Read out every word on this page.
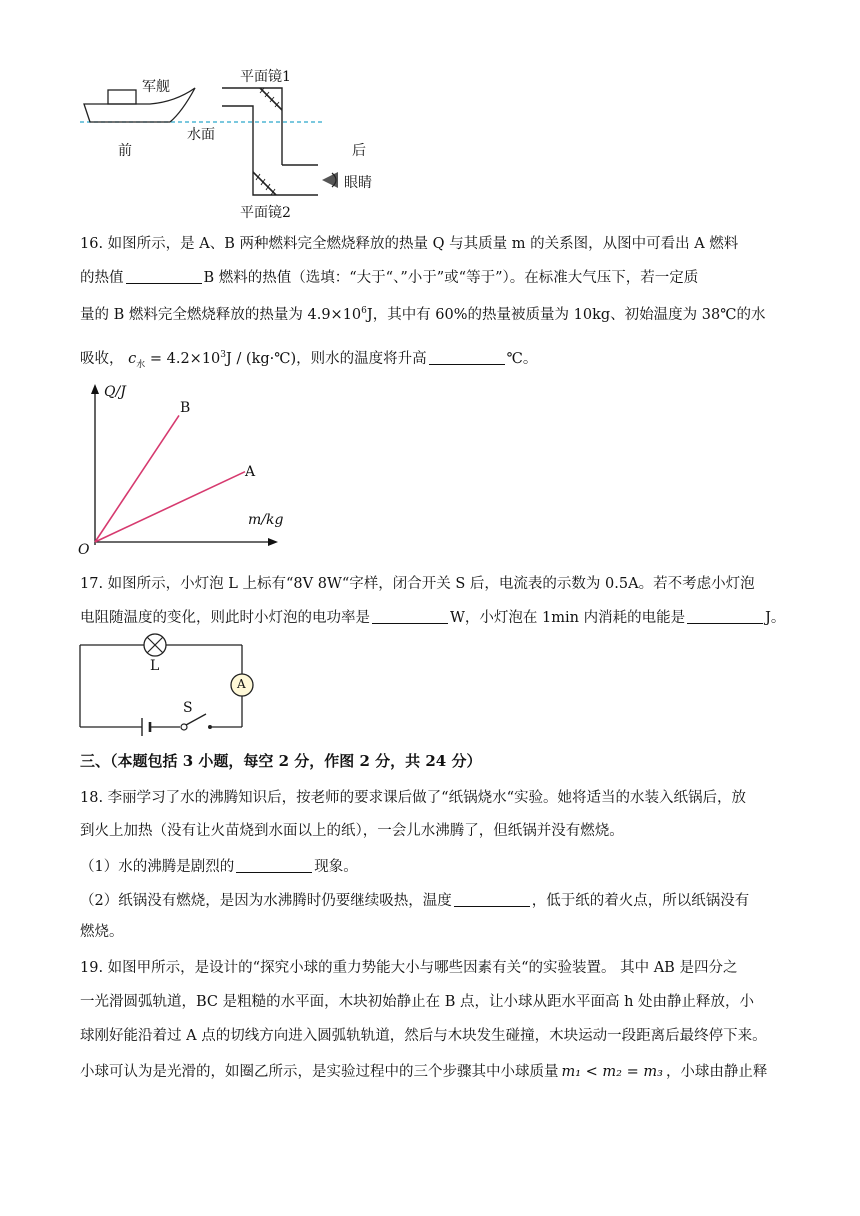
军舰
平面镜1
水面
前	后
眼睛
平面镜2
16. 如图所示，是 A、B 两种燃料完全燃烧释放的热量 Q 与其质量 m 的关系图，从图中可看出 A 燃料
的热值	B 燃料的热值（选填：“大于“、”小于”或“等于”）。在标准大气压下，若一定质
量的 B 燃料完全燃烧释放的热量为 $4.9\times 10^6J$，其中有 60%的热量被质量为 10kg、初始温度为 38℃的水
吸收， $c_水 = 4.2\times 10^3J$ / (kg·℃)，则水的温度将升高	℃。
Q/J
B
A
m/kg
O
17. 如图所示，小灯泡 L 上标有“8V 8W“字样，闭合开关 S 后，电流表的示数为 0.5A。若不考虑小灯泡
电阻随温度的变化，则此时小灯泡的电功率是	W，小灯泡在 1min 内消耗的电能是	J。
L
S
A
三、（本题包括 3 小题，每空 2 分，作图 2 分，共 24 分）
18. 李丽学习了水的沸腾知识后，按老师的要求课后做了“纸锅烧水“实验。她将适当的水装入纸锅后，放
到火上加热（没有让火苗烧到水面以上的纸），一会儿水沸腾了，但纸锅并没有燃烧。
（1）水的沸腾是剧烈的	现象。
（2）纸锅没有燃烧，是因为水沸腾时仍要继续吸热，温度	，低于纸的着火点，所以纸锅没有
燃烧。
19. 如图甲所示，是设计的“探究小球的重力势能大小与哪些因素有关“的实验装置。 其中 AB 是四分之
一光滑圆弧轨道，BC 是粗糙的水平面，木块初始静止在 B 点，让小球从距水平面高 h 处由静止释放，小
球刚好能沿着过 A 点的切线方向进入圆弧轨轨道，然后与木块发生碰撞，木块运动一段距离后最终停下来。
小球可认为是光滑的，如圈乙所示，是实验过程中的三个步骤其中小球质量 m₁ < m₂ = m₃ ，小球由静止释
